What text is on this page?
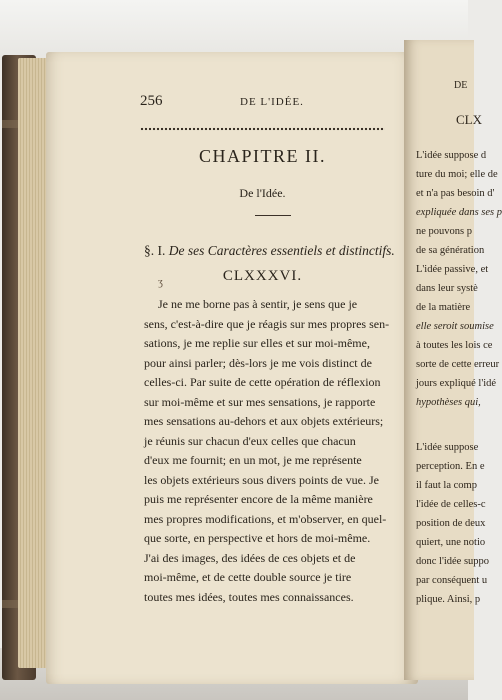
DE
CLX
L'idée suppose d
ture du moi; elle de
et n'a pas besoin d'
expliquée dans ses p
ne pouvons p
de sa génération
L'idée passive, et
dans leur systè
de la matière
elle seroit soumise
à toutes les lois ce
sorte de cette erreur
jours expliqué l'idé
hypothèses qui,
L'idée suppose
perception. En e
il faut la comp
l'idée de celles-c
position de deux
quiert, une notio
donc l'idée suppo
par conséquent u
plique. Ainsi, p
256	DE L'IDÉE.
CHAPITRE II.
De l'Idée.
§. I. De ses Caractères essentiels et distinctifs.
ʒ	CLXXXVI.
Je ne me borne pas à sentir, je sens que je
sens, c'est-à-dire que je réagis sur mes propres sen-
sations, je me replie sur elles et sur moi-même,
pour ainsi parler; dès-lors je me vois distinct de
celles-ci. Par suite de cette opération de réflexion
sur moi-même et sur mes sensations, je rapporte
mes sensations au-dehors et aux objets extérieurs;
je réunis sur chacun d'eux celles que chacun
d'eux me fournit; en un mot, je me représente
les objets extérieurs sous divers points de vue. Je
puis me représenter encore de la même manière
mes propres modifications, et m'observer, en quel-
que sorte, en perspective et hors de moi-même.
J'ai des images, des idées de ces objets et de
moi-même, et de cette double source je tire
toutes mes idées, toutes mes connaissances.
